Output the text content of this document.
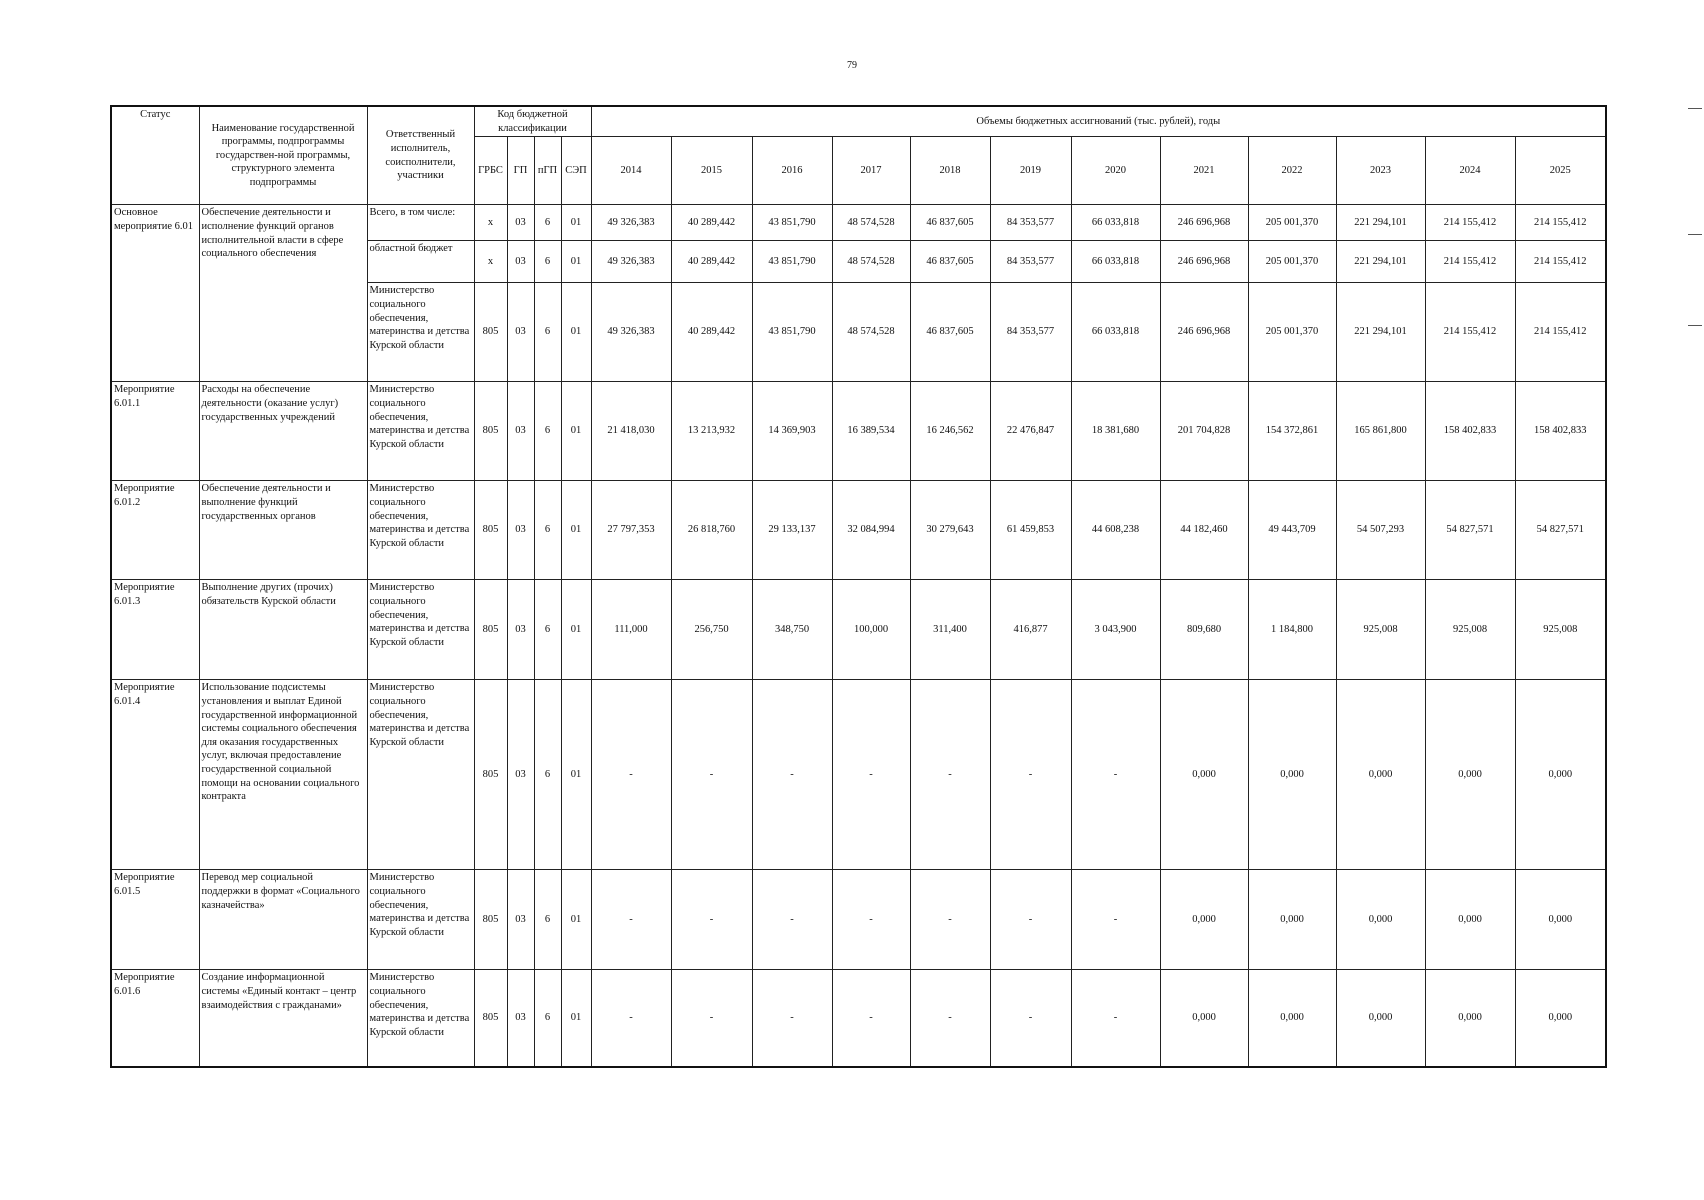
79
Статус	Наименование государственной программы, подпрограммы государствен-ной программы, структурного элемента подпрограммы	Ответственный исполнитель, соисполнители, участники	Код бюджетной классификации				Объемы бюджетных ассигнований (тыс. рублей), годы											
			ГРБС	ГП	пГП	СЭП	2014	2015	2016	2017	2018	2019	2020	2021	2022	2023	2024	2025
Основное мероприятие 6.01	Обеспечение деятельности и исполнение функций органов исполнительной власти в сфере социального обеспечения	Всего, в том числе:	х	03	6	01	49 326,383	40 289,442	43 851,790	48 574,528	46 837,605	84 353,577	66 033,818	246 696,968	205 001,370	221 294,101	214 155,412	214 155,412
		областной бюджет	х	03	6	01	49 326,383	40 289,442	43 851,790	48 574,528	46 837,605	84 353,577	66 033,818	246 696,968	205 001,370	221 294,101	214 155,412	214 155,412
		Министерство социального обеспечения, материнства и детства Курской области	805	03	6	01	49 326,383	40 289,442	43 851,790	48 574,528	46 837,605	84 353,577	66 033,818	246 696,968	205 001,370	221 294,101	214 155,412	214 155,412
Мероприятие 6.01.1	Расходы на обеспечение деятельности (оказание услуг) государственных учреждений	Министерство социального обеспечения, материнства и детства Курской области	805	03	6	01	21 418,030	13 213,932	14 369,903	16 389,534	16 246,562	22 476,847	18 381,680	201 704,828	154 372,861	165 861,800	158 402,833	158 402,833
Мероприятие 6.01.2	Обеспечение деятельности и выполнение функций государственных органов	Министерство социального обеспечения, материнства и детства Курской области	805	03	6	01	27 797,353	26 818,760	29 133,137	32 084,994	30 279,643	61 459,853	44 608,238	44 182,460	49 443,709	54 507,293	54 827,571	54 827,571
Мероприятие 6.01.3	Выполнение других (прочих) обязательств Курской области	Министерство социального обеспечения, материнства и детства Курской области	805	03	6	01	111,000	256,750	348,750	100,000	311,400	416,877	3 043,900	809,680	1 184,800	925,008	925,008	925,008
Мероприятие 6.01.4	Использование подсистемы установления и выплат Единой государственной информационной системы социального обеспечения для оказания государственных услуг, включая предоставление государственной социальной помощи на основании социального контракта	Министерство социального обеспечения, материнства и детства Курской области	805	03	6	01	-	-	-	-	-	-	-	0,000	0,000	0,000	0,000	0,000
Мероприятие 6.01.5	Перевод мер социальной поддержки в формат «Социального казначейства»	Министерство социального обеспечения, материнства и детства Курской области	805	03	6	01	-	-	-	-	-	-	-	0,000	0,000	0,000	0,000	0,000
Мероприятие 6.01.6	Создание информационной системы «Единый контакт – центр взаимодействия с гражданами»	Министерство социального обеспечения, материнства и детства Курской области	805	03	6	01	-	-	-	-	-	-	-	0,000	0,000	0,000	0,000	0,000
